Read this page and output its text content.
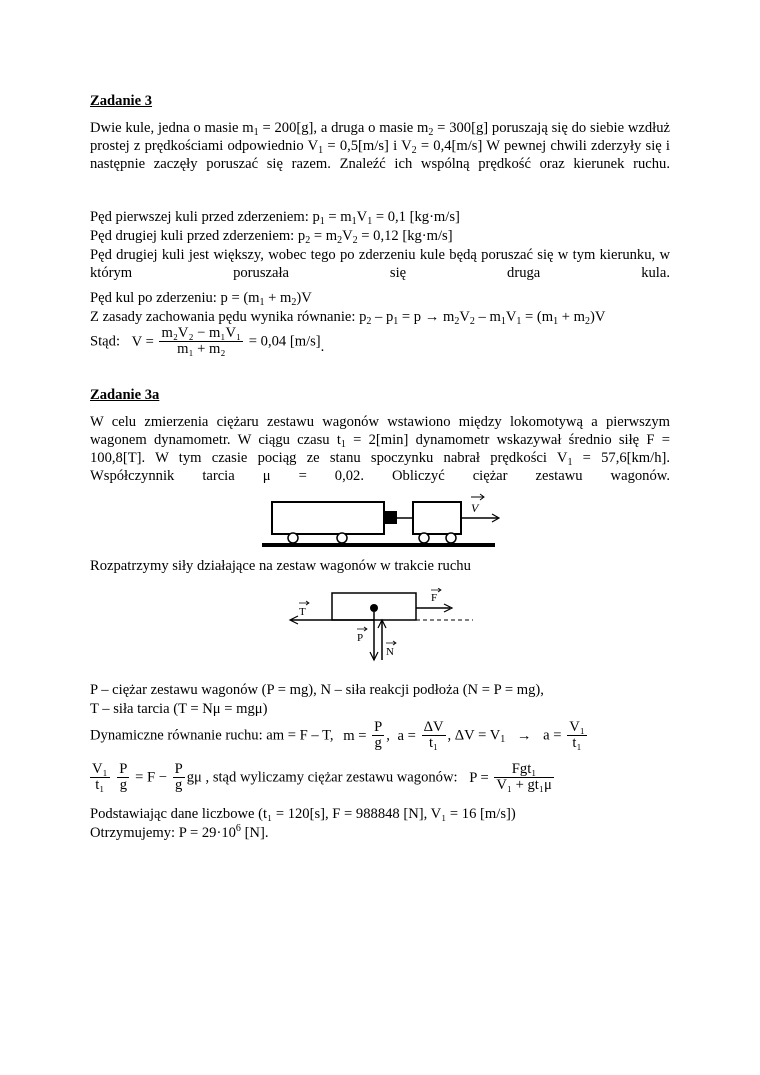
Zadanie 3
Dwie kule, jedna o masie $m_1 = 200[g]$, a druga o masie $m_2 = 300[g]$ poruszają się do siebie wzdłuż prostej z prędkościami odpowiednio $V_1 = 0,5[m/s]$ i $V_2 = 0,4[m/s]$ W pewnej chwili zderzyły się i następnie zaczęły poruszać się razem. Znaleźć ich wspólną prędkość oraz kierunek ruchu.
Pęd pierwszej kuli przed zderzeniem: $p_1 = m_1V_1 = 0,1$ [kg·m/s]
Pęd drugiej kuli przed zderzeniem: $p_2 = m_2V_2 = 0,12$ [kg·m/s]
Pęd drugiej kuli jest większy, wobec tego po zderzeniu kule będą poruszać się w tym kierunku, w którym poruszała się druga kula.
Pęd kul po zderzeniu: $p = (m_1 + m_2)V$
Z zasady zachowania pędu wynika równanie: $p_2 - p_1 = p \to m_2V_2 - m_1V_1 = (m_1 + m_2)V$
Stąd: $V = \frac{\text{m₂V₂ − m₁V₁}}{\text{m₁ + m₂}} = 0,04$ [m/s].
Zadanie 3a
W celu zmierzenia ciężaru zestawu wagonów wstawiono między lokomotywą a pierwszym wagonem dynamometr. W ciągu czasu $t_1 = 2[\min]$ dynamometr wskazywał średnio siłę F = 100,8[T]. W tym czasie pociąg ze stanu spoczynku nabrał prędkości $V_1 = 57,6[km/h]$. Współczynnik tarcia μ = 0,02. Obliczyć ciężar zestawu wagonów.
V
Rozpatrzymy siły działające na zestaw wagonów w trakcie ruchu
T
F
P
N
P – ciężar zestawu wagonów (P = mg), N – siła reakcji podłoża (N = P = mg),
T – siła tarcia (T = Nμ = mgμ)
Dynamiczne równanie ruchu: am = F – T, $m = \frac{P}{g}$ , $a = \frac{\Delta V}{\text{t₁}}$ , $\Delta V = V_1 \to a = \frac{\text{V₁}}{\text{t₁}}$
$\frac{\text{V₁}}{\text{t₁}}$
$\frac{P}{g} = F - \frac{P}{g}$ gμ , stąd wyliczamy ciężar zestawu wagonów: $P = \frac{\text{Fgt₁}}{\text{V₁ + gt₁μ}}$
Podstawiając dane liczbowe (t₁ = 120[s], F = 988848 [N], V₁ = 16 [m/s])
Otrzymujemy: $P = 29\cdot 10^6$ [N].
